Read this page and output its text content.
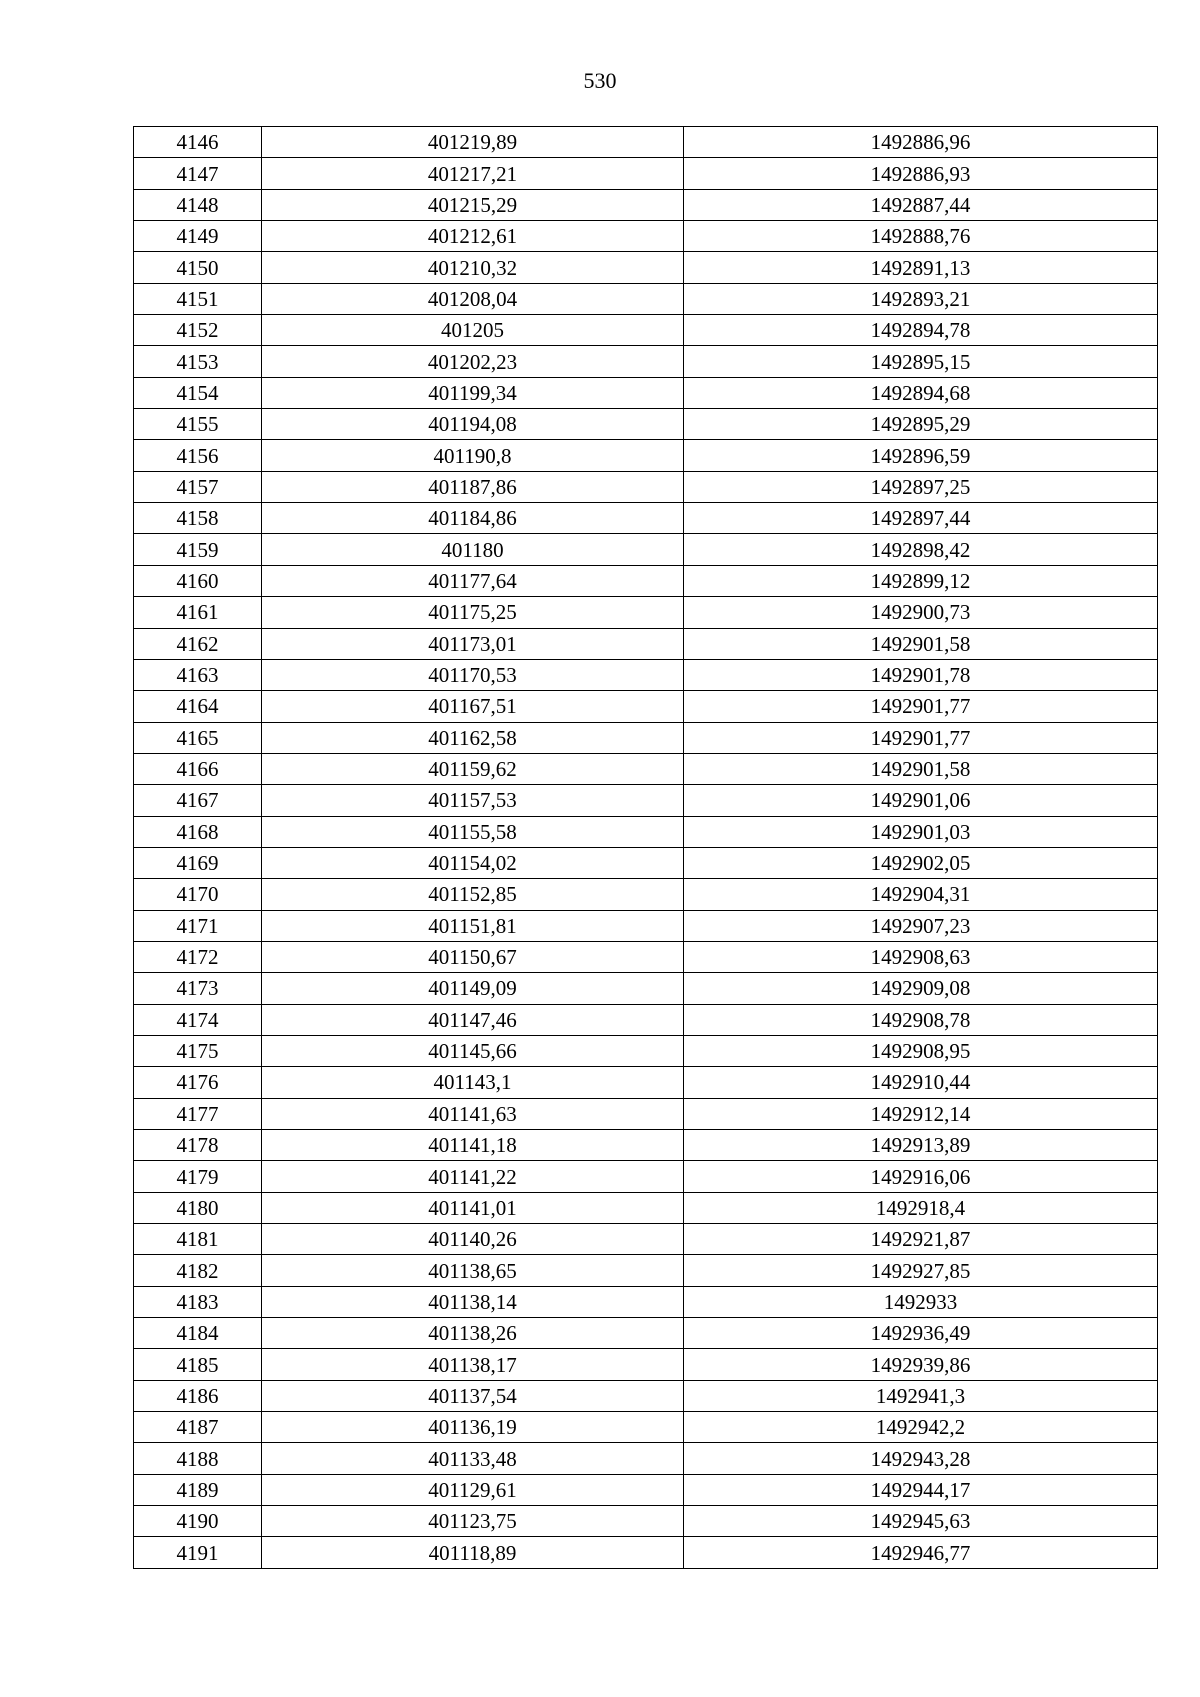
530
4146	401219,89	1492886,96
4147	401217,21	1492886,93
4148	401215,29	1492887,44
4149	401212,61	1492888,76
4150	401210,32	1492891,13
4151	401208,04	1492893,21
4152	401205	1492894,78
4153	401202,23	1492895,15
4154	401199,34	1492894,68
4155	401194,08	1492895,29
4156	401190,8	1492896,59
4157	401187,86	1492897,25
4158	401184,86	1492897,44
4159	401180	1492898,42
4160	401177,64	1492899,12
4161	401175,25	1492900,73
4162	401173,01	1492901,58
4163	401170,53	1492901,78
4164	401167,51	1492901,77
4165	401162,58	1492901,77
4166	401159,62	1492901,58
4167	401157,53	1492901,06
4168	401155,58	1492901,03
4169	401154,02	1492902,05
4170	401152,85	1492904,31
4171	401151,81	1492907,23
4172	401150,67	1492908,63
4173	401149,09	1492909,08
4174	401147,46	1492908,78
4175	401145,66	1492908,95
4176	401143,1	1492910,44
4177	401141,63	1492912,14
4178	401141,18	1492913,89
4179	401141,22	1492916,06
4180	401141,01	1492918,4
4181	401140,26	1492921,87
4182	401138,65	1492927,85
4183	401138,14	1492933
4184	401138,26	1492936,49
4185	401138,17	1492939,86
4186	401137,54	1492941,3
4187	401136,19	1492942,2
4188	401133,48	1492943,28
4189	401129,61	1492944,17
4190	401123,75	1492945,63
4191	401118,89	1492946,77
